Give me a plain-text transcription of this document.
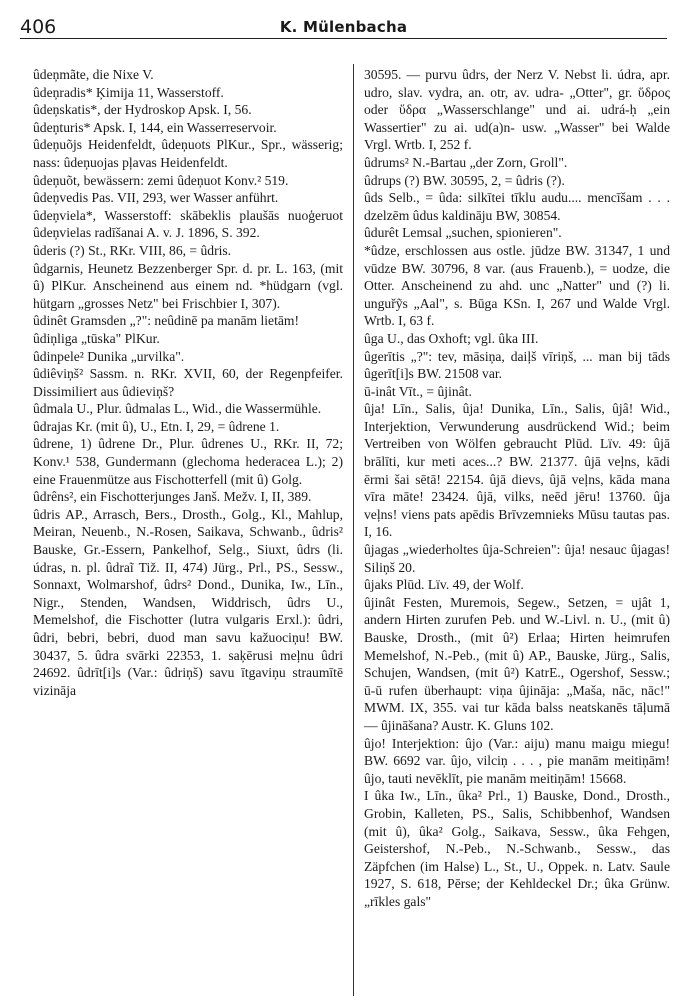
406	K. Mülenbacha

ûdeņmãte, die Nixe V.

ûdeņradis* Ķimija 11, Wasserstoff.

ûdeņskatis*, der Hydroskop Apsk. I, 56.

ûdeņturis* Apsk. I, 144, ein Wasserreservoir.

ûdeņuõjs Heidenfeldt, ûdeņuots PlKur., Spr., wässerig; nass: ûdeņuojas pļavas Heidenfeldt.

ûdeņuõt, bewässern: zemi ûdeņuot Konv.² 519.

ûdeņvedis Pas. VII, 293, wer Wasser anführt.

ûdeņviela*, Wasserstoff: skābeklis plaušās nuoģeruot ûdeņvielas radīšanai A. v. J. 1896, S. 392.

ûderis (?) St., RKr. VIII, 86, = ûdris.

ûdgarnis, Heunetz Bezzenberger Spr. d. pr. L. 163, (mit û) PlKur. Anscheinend aus einem nd. *hüdgarn (vgl. hütgarn „grosses Netz" bei Frischbier I, 307).

ûdinêt Gramsden „?": neûdinē pa manām lietām!

ûdiņliga „tūska" PlKur.

ûdinpele² Dunika „urvilka".

ûdiêviņš² Sassm. n. RKr. XVII, 60, der Regenpfeifer. Dissimiliert aus ûdieviņš?

ûdmala U., Plur. ûdmalas L., Wid., die Wassermühle.

ûdrajas Kr. (mit û), U., Etn. I, 29, = ûdrene 1.

ûdrene, 1) ûdrene Dr., Plur. ûdrenes U., RKr. II, 72; Konv.¹ 538, Gundermann (glechoma hederacea L.); 2) eine Frauenmütze aus Fischotterfell (mit û) Golg.

ûdrêns², ein Fischotterjunges Janš. Mežv. I, II, 389.

ûdris AP., Arrasch, Bers., Drosth., Golg., Kl., Mahlup, Meiran, Neuenb., N.-Rosen, Saikava, Schwanb., ûdris² Bauske, Gr.-Essern, Pankelhof, Selg., Siuxt, ûdrs (li. údras, n. pl. ûdraĩ Tiž. II, 474) Jürg., Prl., PS., Sessw., Sonnaxt, Wolmarshof, ûdrs² Dond., Dunika, Iw., Līn., Nigr., Stenden, Wandsen, Widdrisch, ûdrs U., Memelshof, die Fischotter (lutra vulgaris Erxl.): ûdri, ûdri, bebri, bebri, duod man savu kažuociņu! BW. 30437, 5. ûdra svārki 22353, 1. saķērusi meļnu ûdri 24692. ûdrīt[i]s (Var.: ûdriņš) savu ītgaviņu straumītē vizināja

30595. — purvu ûdrs, der Nerz V. Nebst li. údra, apr. udro, slav. vydra, an. otr, av. udra- „Otter", gr. ὕδρος oder ὕδρα „Wasserschlange" und ai. udrá-ḥ „ein Wassertier" zu ai. ud(a)n- usw. „Wasser" bei Walde Vrgl. Wrtb. I, 252 f.

ûdrums² N.-Bartau „der Zorn, Groll".

ûdrups (?) BW. 30595, 2, = ûdris (?).

ûds Selb., = ûda: silkītei tīklu audu.... mencīšam . . . dzelzēm ûdus kaldināju BW, 30854.

ûdurêt Lemsal „suchen, spionieren".

*ûdze, erschlossen aus ostle. jūdze BW. 31347, 1 und vūdze BW. 30796, 8 var. (aus Frauenb.), = uodze, die Otter. Anscheinend zu ahd. unc „Natter" und (?) li. unguřỹs „Aal", s. Būga KSn. I, 267 und Walde Vrgl. Wrtb. I, 63 f.

ûga U., das Oxhoft; vgl. ûka III.

ûgerītis „?": tev, māsiņa, daiļš vīriņš, ... man bij tāds ûgerīt[i]s BW. 21508 var.

ū-inât Vīt., = ûjinât.

ûja! Līn., Salis, ûja! Dunika, Līn., Salis, ûjâ! Wid., Interjektion, Verwunderung ausdrückend Wid.; beim Vertreiben von Wölfen gebraucht Plūd. Lïv. 49: ûjā brālīti, kur meti aces...? BW. 21377. ûjā veļns, kādi ērmi šai sētā! 22154. ûjā dievs, ûjā veļns, kāda mana vīra māte! 23424. ûjā, vilks, neēd jēru! 13760. ûja veļns! viens pats apēdis Brīvzemnieks Mūsu tautas pas. I, 16.

ûjagas „wiederholtes ûja-Schreien": ûja! nesauc ûjagas! Siliņš 20.

ûjaks Plūd. Lïv. 49, der Wolf.

ûjinât Festen, Muremois, Segew., Setzen, = ujât 1, andern Hirten zurufen Peb. und W.-Livl. n. U., (mit û) Bauske, Drosth., (mit û²) Erlaa; Hirten heimrufen Memelshof, N.-Peb., (mit û) AP., Bauske, Jürg., Salis, Schujen, Wandsen, (mit û²) KatrE., Ogershof, Sessw.; ū-ū rufen überhaupt: viņa ûjināja: „Maša, nāc, nāc!" MWM. IX, 355. vai tur kāda balss neatskanēs tāļumā — ûjināšana? Austr. K. Gluns 102.

ûjo! Interjektion: ûjo (Var.: aiju) manu maigu miegu! BW. 6692 var. ûjo, vilciņ . . . , pie manām meitiņām! ûjo, tauti nevēklīt, pie manām meitiņām! 15668.

I ûka Iw., Līn., ûka² Prl., 1) Bauske, Dond., Drosth., Grobin, Kalleten, PS., Salis, Schibbenhof, Wandsen (mit û), ûka² Golg., Saikava, Sessw., ûka Fehgen, Geistershof, N.-Peb., N.-Schwanb., Sessw., das Zäpfchen (im Halse) L., St., U., Oppek. n. Latv. Saule 1927, S. 618, Pērse; der Kehldeckel Dr.; ûka Grünw. „rīkles gals"
